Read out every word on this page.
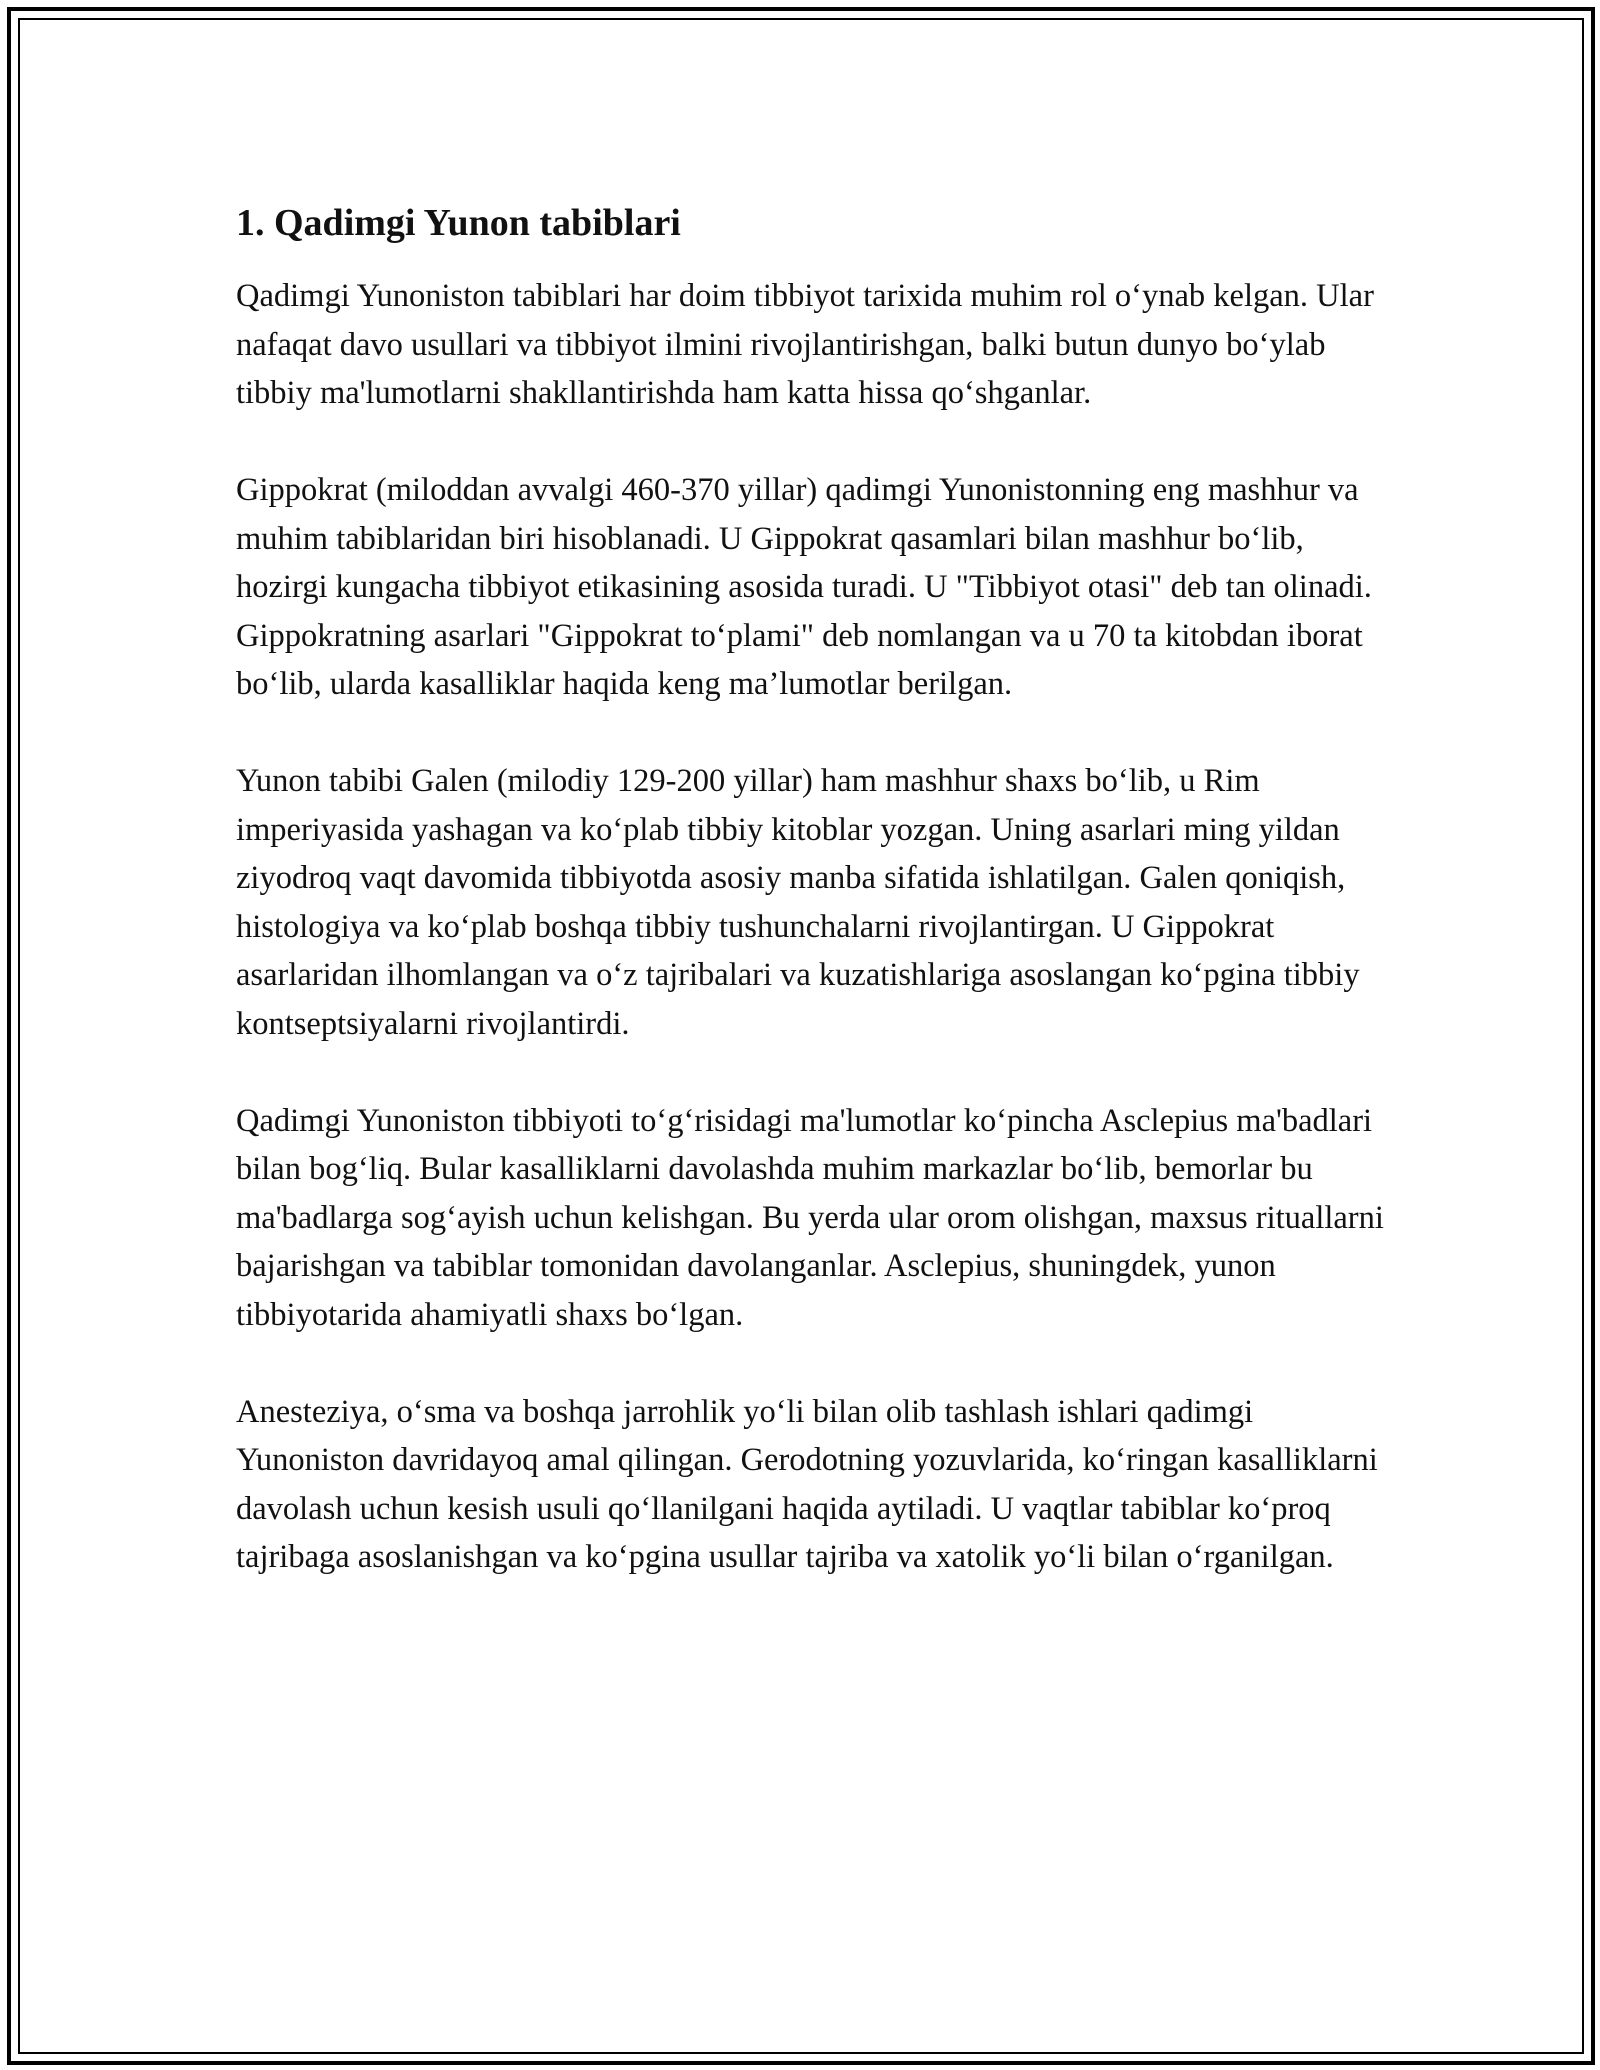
1. Qadimgi Yunon tabiblari

Qadimgi Yunoniston tabiblari har doim tibbiyot tarixida muhim rol o‘ynab kelgan. Ular nafaqat davo usullari va tibbiyot ilmini rivojlantirishgan, balki butun dunyo bo‘ylab tibbiy ma'lumotlarni shakllantirishda ham katta hissa qo‘shganlar.

Gippokrat (miloddan avvalgi 460-370 yillar) qadimgi Yunonistonning eng mashhur va muhim tabiblaridan biri hisoblanadi. U Gippokrat qasamlari bilan mashhur bo‘lib, hozirgi kungacha tibbiyot etikasining asosida turadi. U "Tibbiyot otasi" deb tan olinadi. Gippokratning asarlari "Gippokrat to‘plami" deb nomlangan va u 70 ta kitobdan iborat bo‘lib, ularda kasalliklar haqida keng ma’lumotlar berilgan.

Yunon tabibi Galen (milodiy 129-200 yillar) ham mashhur shaxs bo‘lib, u Rim imperiyasida yashagan va ko‘plab tibbiy kitoblar yozgan. Uning asarlari ming yildan ziyodroq vaqt davomida tibbiyotda asosiy manba sifatida ishlatilgan. Galen qoniqish, histologiya va ko‘plab boshqa tibbiy tushunchalarni rivojlantirgan. U Gippokrat asarlaridan ilhomlangan va o‘z tajribalari va kuzatishlariga asoslangan ko‘pgina tibbiy kontseptsiyalarni rivojlantirdi.

Qadimgi Yunoniston tibbiyoti to‘g‘risidagi ma'lumotlar ko‘pincha Asclepius ma'badlari bilan bog‘liq. Bular kasalliklarni davolashda muhim markazlar bo‘lib, bemorlar bu ma'badlarga sog‘ayish uchun kelishgan. Bu yerda ular orom olishgan, maxsus rituallarni bajarishgan va tabiblar tomonidan davolanganlar. Asclepius, shuningdek, yunon tibbiyotarida ahamiyatli shaxs bo‘lgan.

Anesteziya, o‘sma va boshqa jarrohlik yo‘li bilan olib tashlash ishlari qadimgi Yunoniston davridayoq amal qilingan. Gerodotning yozuvlarida, ko‘ringan kasalliklarni davolash uchun kesish usuli qo‘llanilgani haqida aytiladi. U vaqtlar tabiblar ko‘proq tajribaga asoslanishgan va ko‘pgina usullar tajriba va xatolik yo‘li bilan o‘rganilgan.
